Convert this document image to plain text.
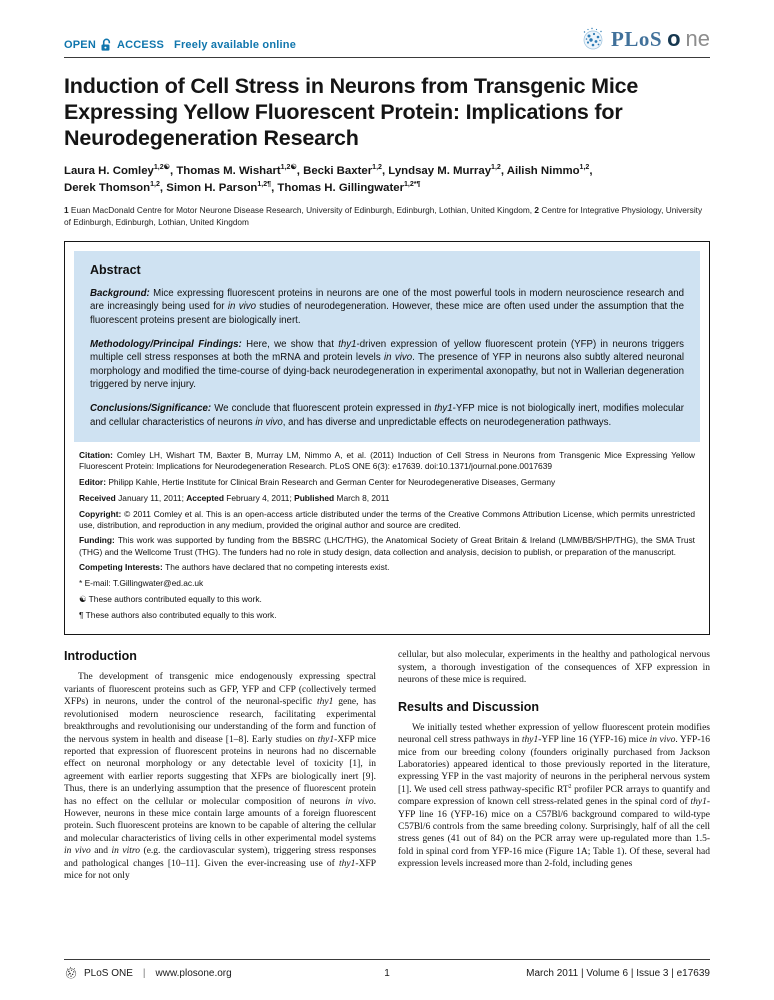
OPEN ACCESS Freely available online	PLoS o ne
Induction of Cell Stress in Neurons from Transgenic Mice
Expressing Yellow Fluorescent Protein: Implications for
Neurodegeneration Research
Laura H. Comley$^{1,2☯}$, Thomas M. Wishart$^{1,2☯}$, Becki Baxter$^{1,2}$, Lyndsay M. Murray$^{1,2}$, Ailish Nimmo$^{1,2}$,
Derek Thomson$^{1,2}$, Simon H. Parson$^{1,2\P}$, Thomas H. Gillingwater$^{1,2*\P}$
1 Euan MacDonald Centre for Motor Neurone Disease Research, University of Edinburgh, Edinburgh, Lothian, United Kingdom, 2 Centre for Integrative Physiology, University of Edinburgh, Edinburgh, Lothian, United Kingdom
Abstract

Background: Mice expressing fluorescent proteins in neurons are one of the most powerful tools in modern neuroscience research and are increasingly being used for in vivo studies of neurodegeneration. However, these mice are often used under the assumption that the fluorescent proteins present are biologically inert.

Methodology/Principal Findings: Here, we show that thy1-driven expression of yellow fluorescent protein (YFP) in neurons triggers multiple cell stress responses at both the mRNA and protein levels in vivo. The presence of YFP in neurons also subtly altered neuronal morphology and modified the time-course of dying-back neurodegeneration in experimental axonopathy, but not in Wallerian degeneration triggered by nerve injury.

Conclusions/Significance: We conclude that fluorescent protein expressed in thy1-YFP mice is not biologically inert, modifies molecular and cellular characteristics of neurons in vivo, and has diverse and unpredictable effects on neurodegeneration pathways.

Citation: Comley LH, Wishart TM, Baxter B, Murray LM, Nimmo A, et al. (2011) Induction of Cell Stress in Neurons from Transgenic Mice Expressing Yellow Fluorescent Protein: Implications for Neurodegeneration Research. PLoS ONE 6(3): e17639. doi:10.1371/journal.pone.0017639

Editor: Philipp Kahle, Hertie Institute for Clinical Brain Research and German Center for Neurodegenerative Diseases, Germany

Received January 11, 2011; Accepted February 4, 2011; Published March 8, 2011

Copyright: © 2011 Comley et al. This is an open-access article distributed under the terms of the Creative Commons Attribution License, which permits unrestricted use, distribution, and reproduction in any medium, provided the original author and source are credited.

Funding: This work was supported by funding from the BBSRC (LHC/THG), the Anatomical Society of Great Britain & Ireland (LMM/BB/SHP/THG), the SMA Trust (THG) and the Wellcome Trust (THG). The funders had no role in study design, data collection and analysis, decision to publish, or preparation of the manuscript.

Competing Interests: The authors have declared that no competing interests exist.

* E-mail: T.Gillingwater@ed.ac.uk

☯ These authors contributed equally to this work.

¶ These authors also contributed equally to this work.

Introduction

The development of transgenic mice endogenously expressing spectral variants of fluorescent proteins such as GFP, YFP and CFP (collectively termed XFPs) in neurons, under the control of the neuronal-specific thy1 gene, has revolutionised modern neuroscience research, facilitating experimental breakthroughs and revolutionising our understanding of the form and function of the nervous system in health and disease [1–8]. Early studies on thy1-XFP mice reported that expression of fluorescent proteins in neurons had no discernable effect on neuronal morphology or any detectable level of toxicity [1], in agreement with earlier reports suggesting that XFPs are biologically inert [9]. Thus, there is an underlying assumption that the presence of fluorescent protein has no effect on the cellular or molecular composition of neurons in vivo. However, neurons in these mice contain large amounts of a foreign fluorescent protein. Such fluorescent proteins are known to be capable of altering the cellular and molecular characteristics of living cells in other experimental model systems in vivo and in vitro (e.g. the cardiovascular system), triggering stress responses and pathological changes [10–11]. Given the ever-increasing use of thy1-XFP mice for not only

cellular, but also molecular, experiments in the healthy and pathological nervous system, a thorough investigation of the consequences of XFP expression in neurons of these mice is required.

Results and Discussion

We initially tested whether expression of yellow fluorescent protein modifies neuronal cell stress pathways in thy1-YFP line 16 (YFP-16) mice in vivo. YFP-16 mice from our breeding colony (founders originally purchased from Jackson Laboratories) appeared identical to those previously reported in the literature, expressing YFP in the vast majority of neurons in the peripheral nervous system [1]. We used cell stress pathway-specific $RT^2$ profiler PCR arrays to quantify and compare expression of known cell stress-related genes in the spinal cord of thy1-YFP line 16 (YFP-16) mice on a C57Bl/6 background compared to wild-type C57Bl/6 controls from the same breeding colony. Surprisingly, half of all the cell stress genes (41 out of 84) on the PCR array were up-regulated more than 1.5-fold in spinal cord from YFP-16 mice (Figure 1A; Table 1). Of these, several had expression levels increased more than 2-fold, including genes

PLoS ONE | www.plosone.org	1	March 2011 | Volume 6 | Issue 3 | e17639
